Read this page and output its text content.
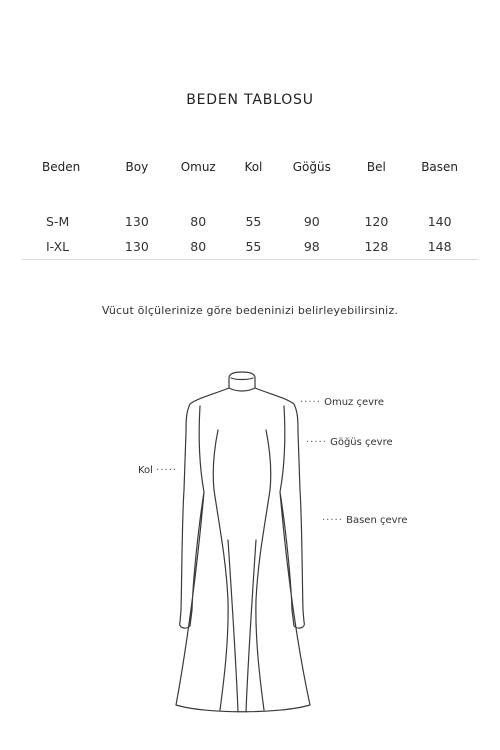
BEDEN TABLOSU
Beden	Boy	Omuz	Kol	Göğüs	Bel	Basen

S-M	130	80	55	90	120	140
I-XL	130	80	55	98	128	148
Vücut ölçülerinize göre bedeninizi belirleyebilirsiniz.
····· Omuz çevre
····· Göğüs çevre
Kol ·····
····· Basen çevre
